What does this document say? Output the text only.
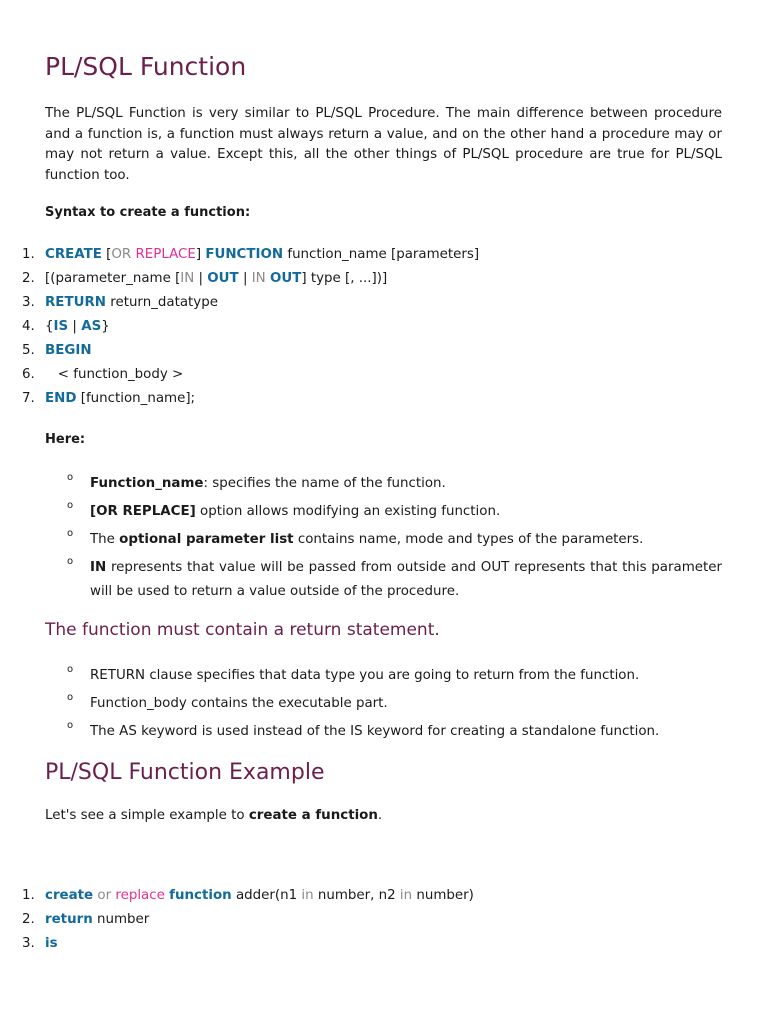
PL/SQL Function

The PL/SQL Function is very similar to PL/SQL Procedure. The main difference between procedure and a function is, a function must always return a value, and on the other hand a procedure may or may not return a value. Except this, all the other things of PL/SQL procedure are true for PL/SQL function too.

Syntax to create a function:

1. CREATE [OR REPLACE] FUNCTION function_name [parameters]
2. [(parameter_name [IN | OUT | IN OUT] type [, ...])]
3. RETURN return_datatype
4. {IS | AS}
5. BEGIN
6. < function_body >
7. END [function_name];

Here:

o Function_name: specifies the name of the function.
o [OR REPLACE] option allows modifying an existing function.
o The optional parameter list contains name, mode and types of the parameters.
o IN represents that value will be passed from outside and OUT represents that this parameter will be used to return a value outside of the procedure.
The function must contain a return statement.
o RETURN clause specifies that data type you are going to return from the function.
o Function_body contains the executable part.
o The AS keyword is used instead of the IS keyword for creating a standalone function.
PL/SQL Function Example

Let's see a simple example to create a function.

1. create or replace function adder(n1 in number, n2 in number)
2. return number
3. is
